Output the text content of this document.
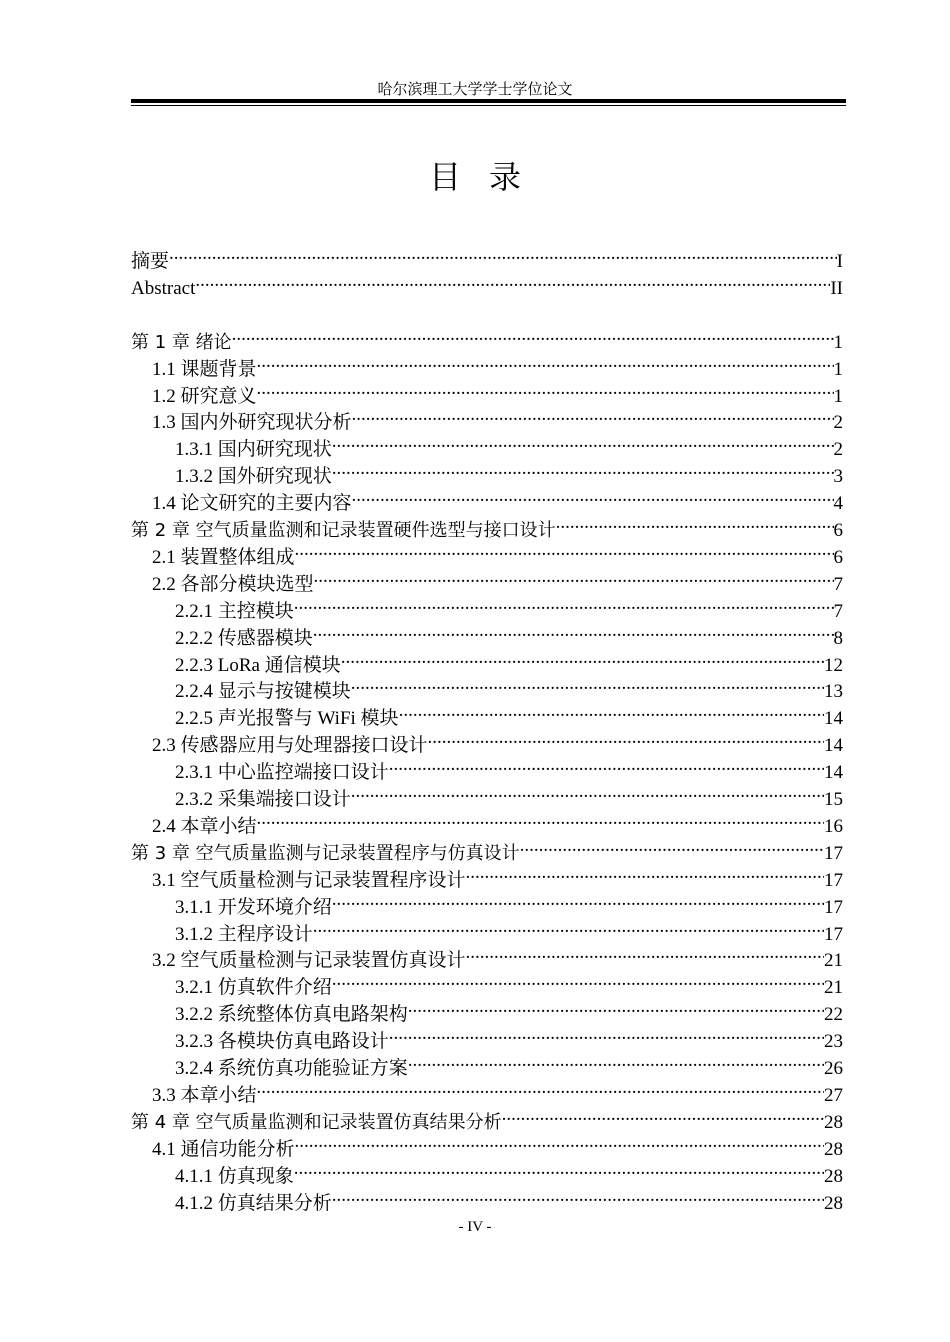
哈尔滨理工大学学士学位论文
目录
摘要 .....	I
Abstract .....	II
第 1 章 绪论 .....	1
1.1 课题背景 .....	1
1.2 研究意义 .....	1
1.3 国内外研究现状分析 .....	2
1.3.1 国内研究现状 .....	2
1.3.2 国外研究现状 .....	3
1.4 论文研究的主要内容 .....	4
第 2 章 空气质量监测和记录装置硬件选型与接口设计 .....	6
2.1 装置整体组成 .....	6
2.2 各部分模块选型 .....	7
2.2.1 主控模块 .....	7
2.2.2 传感器模块 .....	8
2.2.3 LoRa 通信模块 .....	12
2.2.4 显示与按键模块 .....	13
2.2.5 声光报警与 WiFi 模块 .....	14
2.3 传感器应用与处理器接口设计 .....	14
2.3.1 中心监控端接口设计 .....	14
2.3.2 采集端接口设计 .....	15
2.4 本章小结 .....	16
第 3 章 空气质量监测与记录装置程序与仿真设计 .....	17
3.1 空气质量检测与记录装置程序设计 .....	17
3.1.1 开发环境介绍 .....	17
3.1.2 主程序设计 .....	17
3.2 空气质量检测与记录装置仿真设计 .....	21
3.2.1 仿真软件介绍 .....	21
3.2.2 系统整体仿真电路架构 .....	22
3.2.3 各模块仿真电路设计 .....	23
3.2.4 系统仿真功能验证方案 .....	26
3.3 本章小结 .....	27
第 4 章 空气质量监测和记录装置仿真结果分析 .....	28
4.1 通信功能分析 .....	28
4.1.1 仿真现象 .....	28
4.1.2 仿真结果分析 .....	28
- IV -
